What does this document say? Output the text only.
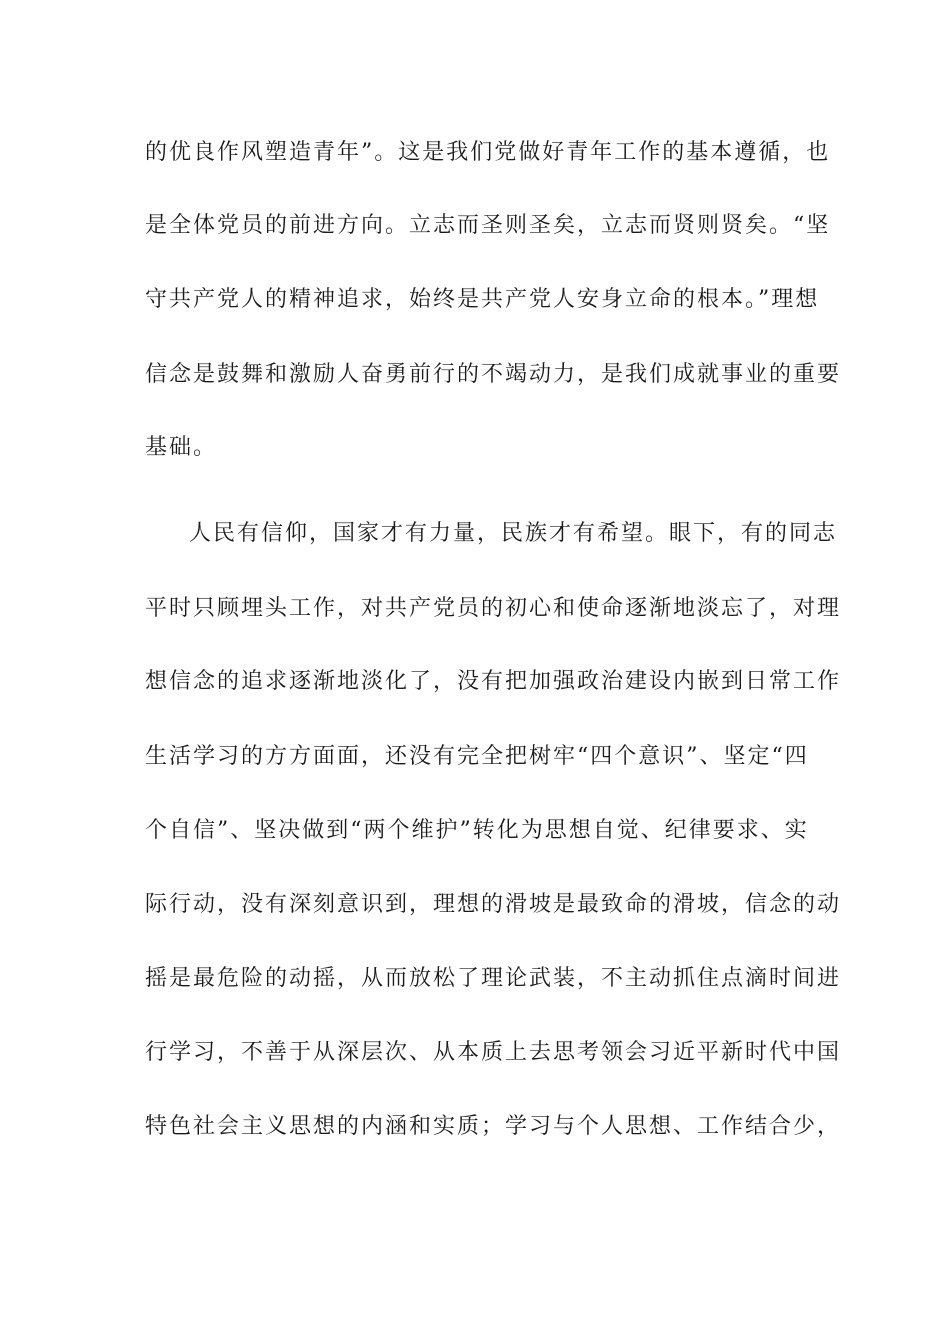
的优良作风塑造青年”。这是我们党做好青年工作的基本遵循，也
是全体党员的前进方向。立志而圣则圣矣，立志而贤则贤矣。“坚
守共产党人的精神追求，始终是共产党人安身立命的根本。”理想
信念是鼓舞和激励人奋勇前行的不竭动力，是我们成就事业的重要
基础。
人民有信仰，国家才有力量，民族才有希望。眼下，有的同志
平时只顾埋头工作，对共产党员的初心和使命逐渐地淡忘了，对理
想信念的追求逐渐地淡化了，没有把加强政治建设内嵌到日常工作
生活学习的方方面面，还没有完全把树牢“四个意识”、坚定“四
个自信”、坚决做到“两个维护”转化为思想自觉、纪律要求、实
际行动，没有深刻意识到，理想的滑坡是最致命的滑坡，信念的动
摇是最危险的动摇，从而放松了理论武装，不主动抓住点滴时间进
行学习，不善于从深层次、从本质上去思考领会习近平新时代中国
特色社会主义思想的内涵和实质；学习与个人思想、工作结合少，
